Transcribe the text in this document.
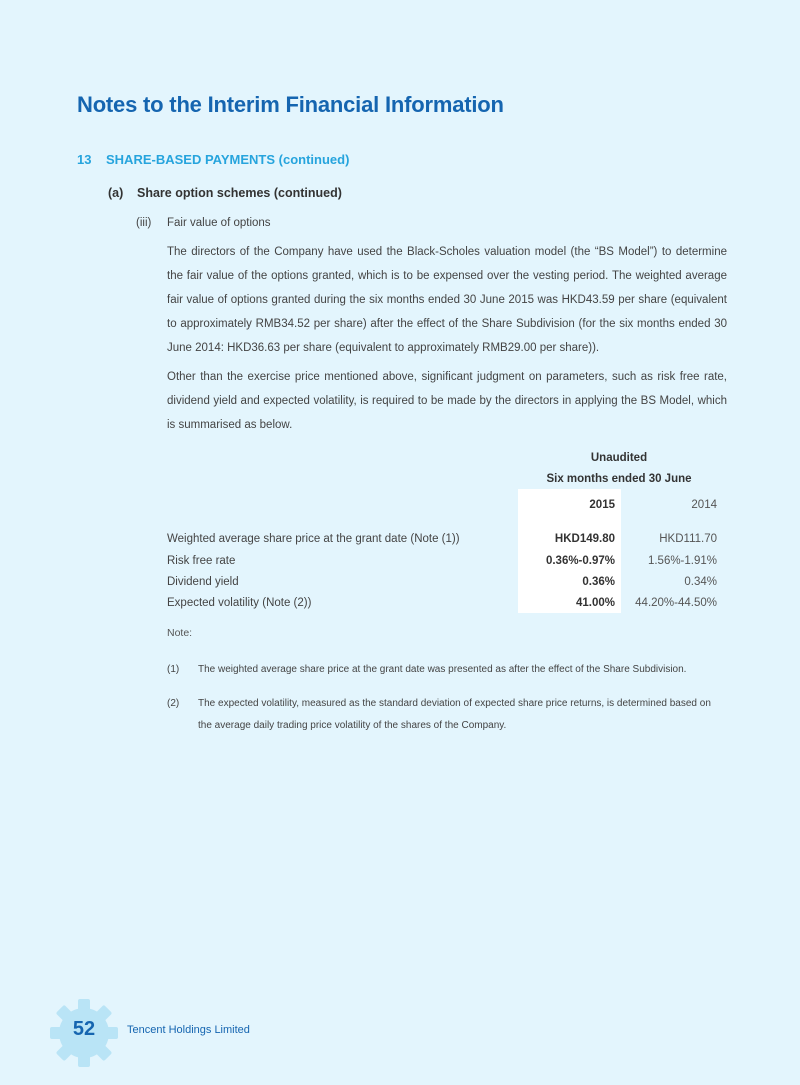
Notes to the Interim Financial Information
13 SHARE-BASED PAYMENTS (continued)
(a) Share option schemes (continued)
(iii) Fair value of options

The directors of the Company have used the Black-Scholes valuation model (the “BS Model”) to determine the fair value of the options granted, which is to be expensed over the vesting period. The weighted average fair value of options granted during the six months ended 30 June 2015 was HKD43.59 per share (equivalent to approximately RMB34.52 per share) after the effect of the Share Subdivision (for the six months ended 30 June 2014: HKD36.63 per share (equivalent to approximately RMB29.00 per share)).

Other than the exercise price mentioned above, significant judgment on parameters, such as risk free rate, dividend yield and expected volatility, is required to be made by the directors in applying the BS Model, which is summarised as below.

Unaudited
Six months ended 30 June
2015	2014
Weighted average share price at the grant date (Note (1))	HKD149.80	HKD111.70
Risk free rate	0.36%-0.97%	1.56%-1.91%
Dividend yield	0.36%	0.34%
Expected volatility (Note (2))	41.00%	44.20%-44.50%
Note:
(1) The weighted average share price at the grant date was presented as after the effect of the Share Subdivision.
(2) The expected volatility, measured as the standard deviation of expected share price returns, is determined based on the average daily trading price volatility of the shares of the Company.
52	Tencent Holdings Limited
